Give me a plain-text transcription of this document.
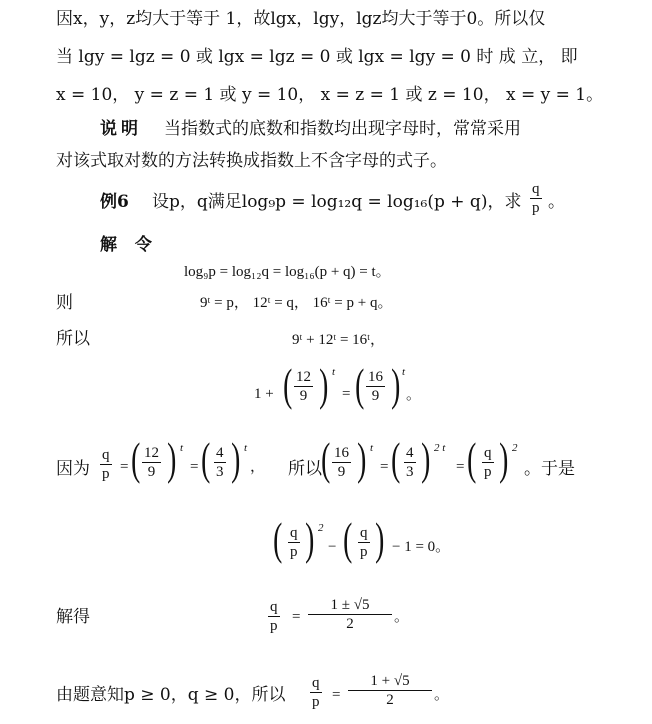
因x，y，z均大于等于 1，故lgx，lgy，lgz均大于等于0。所以仅
当 lgy = lgz = 0 或 lgx = lgz = 0 或 lgx = lgy = 0 时 成 立， 即
x = 10， y = z = 1 或 y = 10， x = z = 1 或 z = 10， x = y = 1。
说明 当指数式的底数和指数均出现字母时，常常采用
对该式取对数的方法转换成指数上不含字母的式子。
例6 设p，q满足log₉p = log₁₂q = log₁₆(p + q)，求 $\frac{q}{p}$ 。
解 令
log₉p = log₁₂q = log₁₆(p + q) = t。
则	9ᵗ = p， 12ᵗ = q， 16ᵗ = p + q。
所以	9ᵗ + 12ᵗ = 16ᵗ，
1 + ( $\frac{12}{9}$ ) t
= ( $\frac{16}{9}$ ) t
。
因为 $\frac{q}{p}$ = ( $\frac{12}{9}$ ) t
= ( $\frac{4}{3}$ ) t
， 所以 ( $\frac{16}{9}$ ) t
= ( $\frac{4}{3}$ ) 2 t
= ( $\frac{q}{p}$ ) 2
。于是
( $\frac{q}{p}$ ) 2
− ( $\frac{q}{p}$ ) − 1 = 0。
解得	$\frac{q}{p} = \frac{1 \pm √5}{2}$ 。
由题意知p ≥ 0，q ≥ 0，所以 $\frac{q}{p} = \frac{1 + √5}{2}$ 。
